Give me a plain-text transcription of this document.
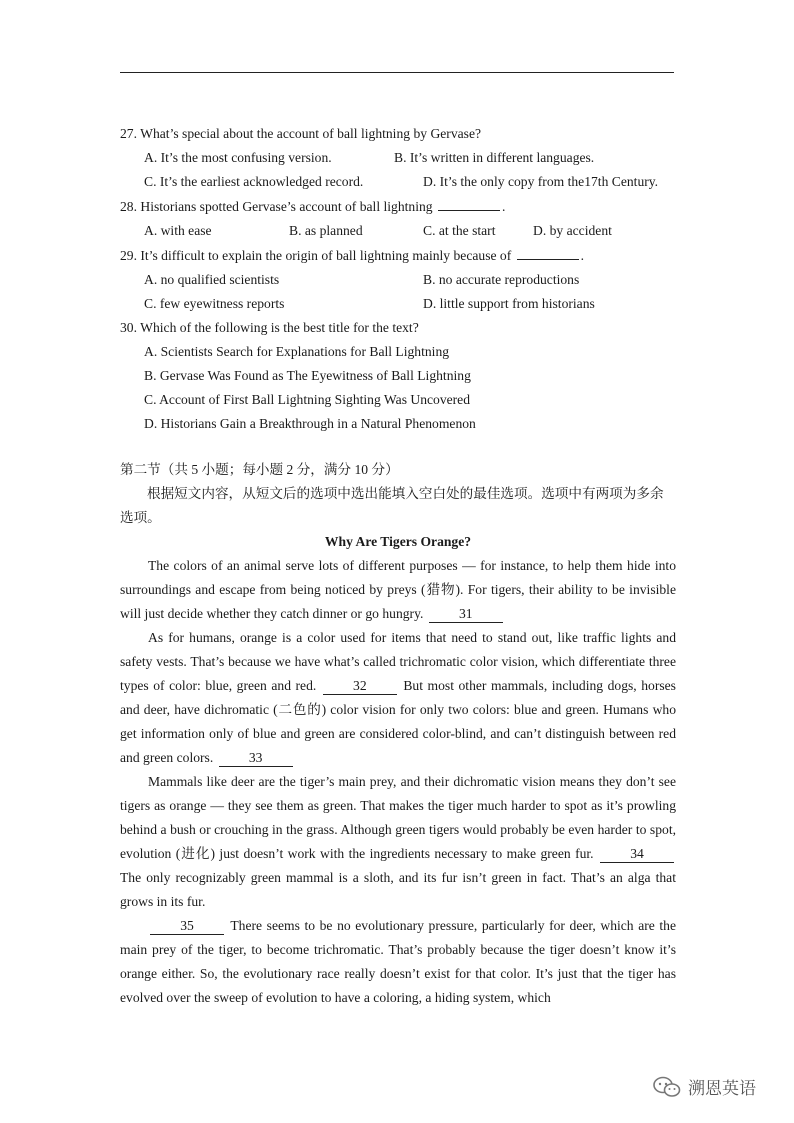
27. What’s special about the account of ball lightning by Gervase?
A. It’s the most confusing version.	B. It’s written in different languages.
C. It’s the earliest acknowledged record.	D. It’s the only copy from the17th Century.
28. Historians spotted Gervase’s account of ball lightning	.
A. with ease	B. as planned	C. at the start	D. by accident
29. It’s difficult to explain the origin of ball lightning mainly because of	.
A. no qualified scientists	B. no accurate reproductions
C. few eyewitness reports	D. little support from historians
30. Which of the following is the best title for the text?
A. Scientists Search for Explanations for Ball Lightning
B. Gervase Was Found as The Eyewitness of Ball Lightning
C. Account of First Ball Lightning Sighting Was Uncovered
D. Historians Gain a Breakthrough in a Natural Phenomenon
第二节（共 5 小题；每小题 2 分，满分 10 分）
根据短文内容，从短文后的选项中选出能填入空白处的最佳选项。选项中有两项为多余选项。
Why Are Tigers Orange?
The colors of an animal serve lots of different purposes — for instance, to help them hide into surroundings and escape from being noticed by preys (猎物). For tigers, their ability to be invisible will just decide whether they catch dinner or go hungry.	31
As for humans, orange is a color used for items that need to stand out, like traffic lights and safety vests. That’s because we have what’s called trichromatic color vision, which differentiate three types of color: blue, green and red.	32	But most other mammals, including dogs, horses and deer, have dichromatic (二色的) color vision for only two colors: blue and green. Humans who get information only of blue and green are considered color-blind, and can’t distinguish between red and green colors.	33
Mammals like deer are the tiger’s main prey, and their dichromatic vision means they don’t see tigers as orange — they see them as green. That makes the tiger much harder to spot as it’s prowling behind a bush or crouching in the grass. Although green tigers would probably be even harder to spot, evolution (进化) just doesn’t work with the ingredients necessary to make green fur.	34 The only recognizably green mammal is a sloth, and its fur isn’t green in fact. That’s an alga that grows in its fur.
35	There seems to be no evolutionary pressure, particularly for deer, which are the main prey of the tiger, to become trichromatic. That’s probably because the tiger doesn’t know it’s orange either. So, the evolutionary race really doesn’t exist for that color. It’s just that the tiger has evolved over the sweep of evolution to have a coloring, a hiding system, which
溯恩英语
